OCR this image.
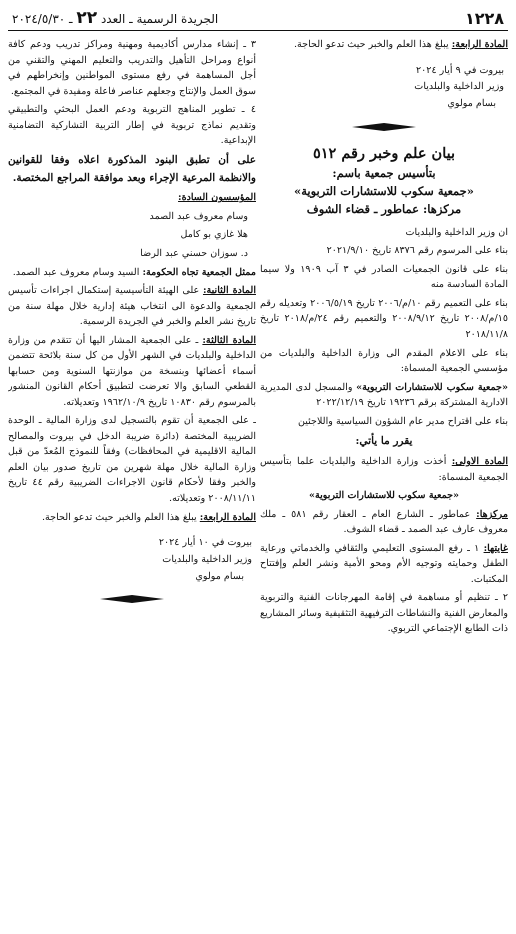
١٢٢٨
الجريدة الرسمية ـ العدد ٢٢ ـ ٢٠٢٤/٥/٣٠

المادة الرابعة: يبلغ هذا العلم والخبر حيث تدعو الحاجة.

بيروت في ٩ أيار ٢٠٢٤
وزير الداخلية والبلديات
بسام مولوي
بيان علم وخبر رقم ٥١٢
بتأسيس جمعية باسم:
«جمعية سكوب للاستشارات التربوية»
مركزها: عماطور ـ قضاء الشوف

ان وزير الداخلية والبلديات

بناء على المرسوم رقم ٨٣٧٦ تاريخ ٢٠٢١/٩/١٠

بناء على قانون الجمعيات الصادر في ٣ آب ١٩٠٩ ولا سيما المادة السادسة منه

بناء على التعميم رقم ١٠/م/٢٠٠٦ تاريخ ٢٠٠٦/٥/١٩ وتعديله رقم ١٥/م/٢٠٠٨ تاريخ ٢٠٠٨/٩/١٢ والتعميم رقم ٢٤/م/٢٠١٨ تاريخ ٢٠١٨/١١/٨

بناء على الاعلام المقدم الى وزارة الداخلية والبلديات من مؤسسي الجمعية المسماة:

«جمعية سكوب للاستشارات التربوية» والمسجل لدى المديرية الادارية المشتركة برقم ١٩٢٣٦ تاريخ ٢٠٢٢/١٢/١٩

بناء على اقتراح مدير عام الشؤون السياسية واللاجئين

يقرر ما يأتي:

المادة الاولى: أخذت وزارة الداخلية والبلديات علما بتأسيس الجمعية المسماة:

«جمعية سكوب للاستشارات التربوية»

مركزها: عماطور ـ الشارع العام ـ العقار رقم ٥٨١ ـ ملك معروف عارف عبد الصمد ـ قضاء الشوف.

غايتها: ١ ـ رفع المستوى التعليمي والثقافي والخدماتي ورعاية الطفل وحمايته وتوجيه الأم ومحو الأمية ونشر العلم وإفتتاح المكتبات.

٢ ـ تنظيم أو مساهمة في إقامة المهرجانات الفنية والتربوية والمعارض الفنية والنشاطات الترفيهية التثقيفية وسائر المشاريع ذات الطابع الإجتماعي التربوي.

٣ ـ إنشاء مدارس أكاديمية ومهنية ومراكز تدريب ودعم كافة أنواع ومراحل التأهيل والتدريب والتعليم المهني والتقني من أجل المساهمة في رفع مستوى المواطنين وإنخراطهم في سوق العمل والإنتاج وجعلهم عناصر فاعلة ومفيدة في المجتمع.

٤ ـ تطوير المناهج التربوية ودعم العمل البحثي والتطبيقي وتقديم نماذج تربوية في إطار التربية التشاركية التضامنية الإبداعية.

على أن تطبق البنود المذكورة اعلاه وفقا للقوانين والانظمة المرعية الإجراء وبعد موافقة المراجع المختصة.

المؤسسون السادة:

وسام معروف عبد الصمد

هلا غازي بو كامل

د. سوزان حسني عبد الرضا

ممثل الجمعية تجاه الحكومة: السيد وسام معروف عبد الصمد.

المادة الثانية: على الهيئة التأسيسية إستكمال اجراءات تأسيس الجمعية والدعوة الى انتخاب هيئة إدارية خلال مهلة سنة من تاريخ نشر العلم والخبر في الجريدة الرسمية.

المادة الثالثة: ـ على الجمعية المشار اليها أن تتقدم من وزارة الداخلية والبلديات في الشهر الأول من كل سنة بلائحة تتضمن أسماء أعضائها وبنسخة من موازنتها السنوية ومن حسابها القطعي السابق والا تعرضت لتطبيق أحكام القانون المنشور بالمرسوم رقم ١٠٨٣٠ تاريخ ١٩٦٢/١٠/٩ وتعديلاته.

ـ على الجمعية أن تقوم بالتسجيل لدى وزارة المالية ـ الوحدة الضريبية المختصة (دائرة ضريبة الدخل في بيروت والمصالح المالية الاقليمية في المحافظات) وفقاً للنموذج المُعدّ من قبل وزارة المالية خلال مهلة شهرين من تاريخ صدور بيان العلم والخبر وفقا لأحكام قانون الاجراءات الضريبية رقم ٤٤ تاريخ ٢٠٠٨/١١/١١ وتعديلاته.

المادة الرابعة: يبلغ هذا العلم والخبر حيث تدعو الحاجة.

بيروت في ١٠ أيار ٢٠٢٤
وزير الداخلية والبلديات
بسام مولوي
